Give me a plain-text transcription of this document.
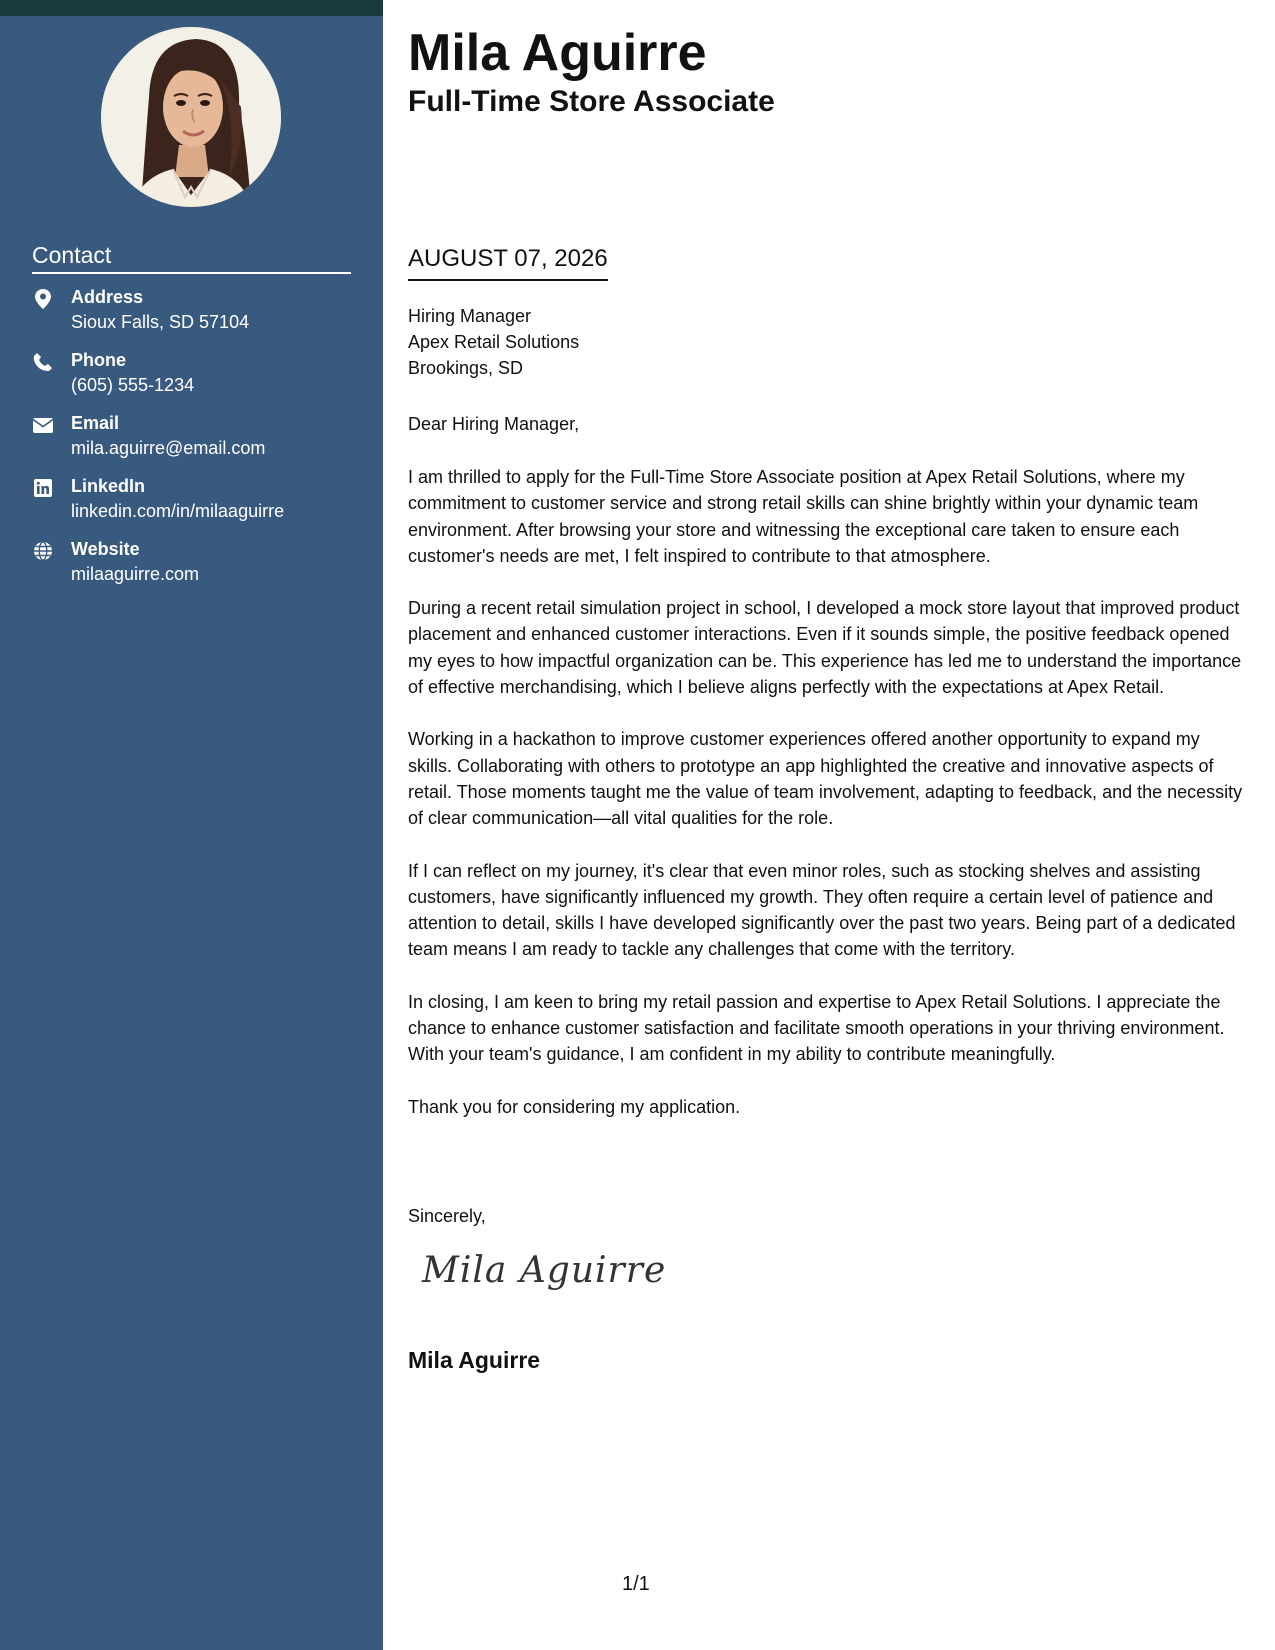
Contact
Address
Sioux Falls, SD 57104
Phone
(605) 555-1234
Email
mila.aguirre@email.com
LinkedIn
linkedin.com/in/milaaguirre
Website
milaaguirre.com
Mila Aguirre
Full-Time Store Associate
AUGUST 07, 2026
Hiring Manager
Apex Retail Solutions
Brookings, SD
Dear Hiring Manager,

I am thrilled to apply for the Full-Time Store Associate position at Apex Retail Solutions, where my commitment to customer service and strong retail skills can shine brightly within your dynamic team environment. After browsing your store and witnessing the exceptional care taken to ensure each customer's needs are met, I felt inspired to contribute to that atmosphere.

During a recent retail simulation project in school, I developed a mock store layout that improved product placement and enhanced customer interactions. Even if it sounds simple, the positive feedback opened my eyes to how impactful organization can be. This experience has led me to understand the importance of effective merchandising, which I believe aligns perfectly with the expectations at Apex Retail.

Working in a hackathon to improve customer experiences offered another opportunity to expand my skills. Collaborating with others to prototype an app highlighted the creative and innovative aspects of retail. Those moments taught me the value of team involvement, adapting to feedback, and the necessity of clear communication—all vital qualities for the role.

If I can reflect on my journey, it's clear that even minor roles, such as stocking shelves and assisting customers, have significantly influenced my growth. They often require a certain level of patience and attention to detail, skills I have developed significantly over the past two years. Being part of a dedicated team means I am ready to tackle any challenges that come with the territory.

In closing, I am keen to bring my retail passion and expertise to Apex Retail Solutions. I appreciate the chance to enhance customer satisfaction and facilitate smooth operations in your thriving environment. With your team's guidance, I am confident in my ability to contribute meaningfully.

Thank you for considering my application.

Sincerely,
Mila Aguirre
Mila Aguirre
1/1
